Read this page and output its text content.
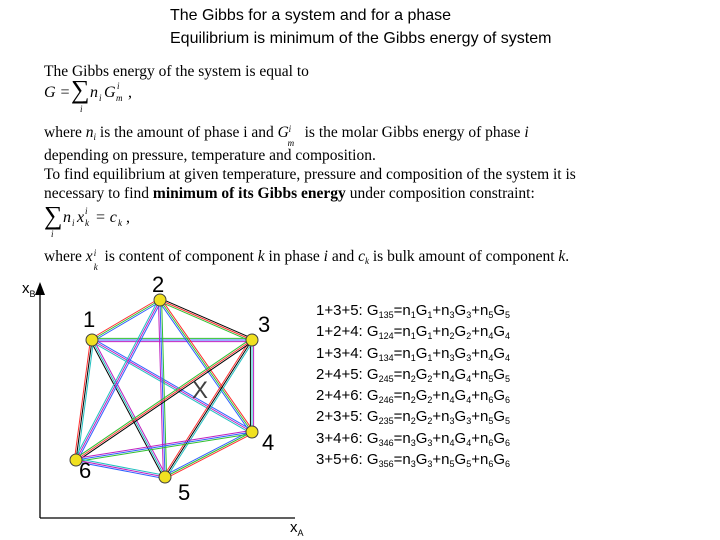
The Gibbs for a system and for a phase
Equilibrium is minimum of the Gibbs energy of system
The Gibbs energy of the system is equal to
G = ∑
i
n i G i
m ,
where $n_i$ is the amount of phase i and G i
m
is the molar Gibbs energy of phase i
depending on pressure, temperature and composition.
To find equilibrium at given temperature, pressure and composition of the system it is
necessary to find minimum of its Gibbs energy under composition constraint:
∑
i
n i x i
k = c k ,
where x i
k
is content of component k in phase i and $c_k$ is bulk amount of component k.
$x_B$
$x_A$
1
2
3
4
5
6
X
1+3+5: $G_{135}=n_1G_1+n_3G_3+n_5G_5$
1+2+4: $G_{124}=n_1G_1+n_2G_2+n_4G_4$
1+3+4: $G_{134}=n_1G_1+n_3G_3+n_4G_4$
2+4+5: $G_{245}=n_2G_2+n_4G_4+n_5G_5$
2+4+6: $G_{246}=n_2G_2+n_4G_4+n_6G_6$
2+3+5: $G_{235}=n_2G_2+n_3G_3+n_5G_5$
3+4+6: $G_{346}=n_3G_3+n_4G_4+n_6G_6$
3+5+6: $G_{356}=n_3G_3+n_5G_5+n_6G_6$
